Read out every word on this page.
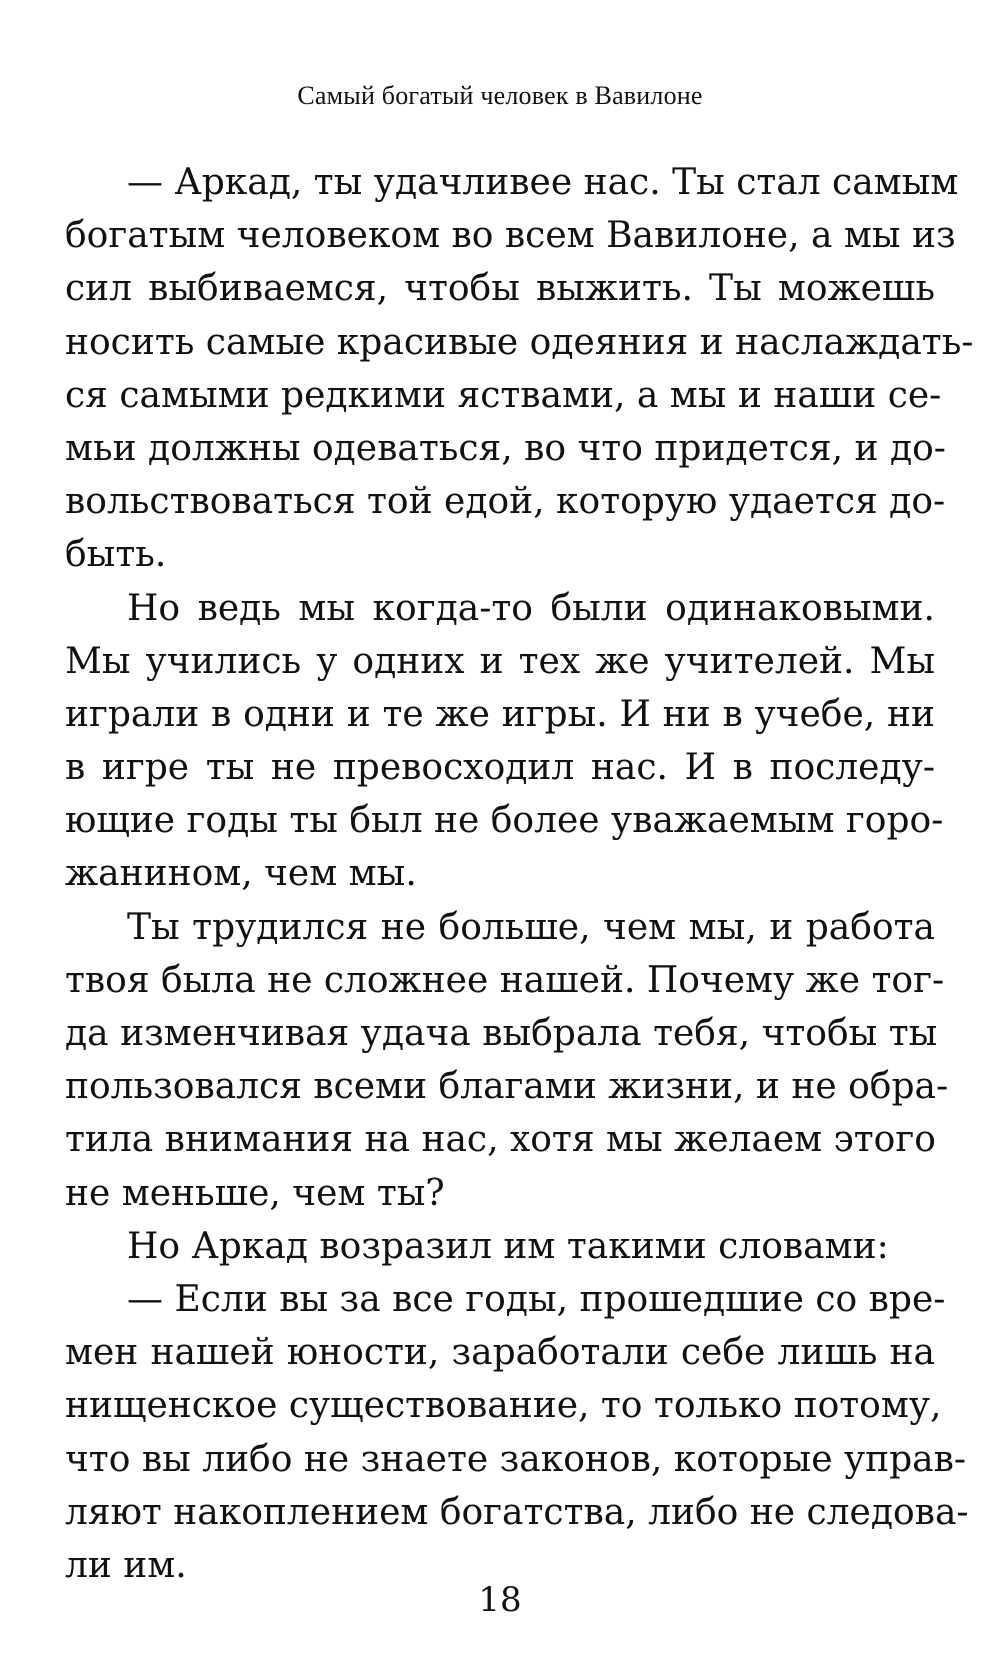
Самый богатый человек в Вавилоне
— Аркад, ты удачливее нас. Ты стал самым
богатым человеком во всем Вавилоне, а мы из
сил выбиваемся, чтобы выжить. Ты можешь
носить самые красивые одеяния и наслаждать-
ся самыми редкими яствами, а мы и наши се-
мьи должны одеваться, во что придется, и до-
вольствоваться той едой, которую удается до-
быть.
Но ведь мы когда-то были одинаковыми.
Мы учились у одних и тех же учителей. Мы
играли в одни и те же игры. И ни в учебе, ни
в игре ты не превосходил нас. И в последу-
ющие годы ты был не более уважаемым горо-
жанином, чем мы.
Ты трудился не больше, чем мы, и работа
твоя была не сложнее нашей. Почему же тог-
да изменчивая удача выбрала тебя, чтобы ты
пользовался всеми благами жизни, и не обра-
тила внимания на нас, хотя мы желаем этого
не меньше, чем ты?
Но Аркад возразил им такими словами:
— Если вы за все годы, прошедшие со вре-
мен нашей юности, заработали себе лишь на
нищенское существование, то только потому,
что вы либо не знаете законов, которые управ-
ляют накоплением богатства, либо не следова-
ли им.
18
